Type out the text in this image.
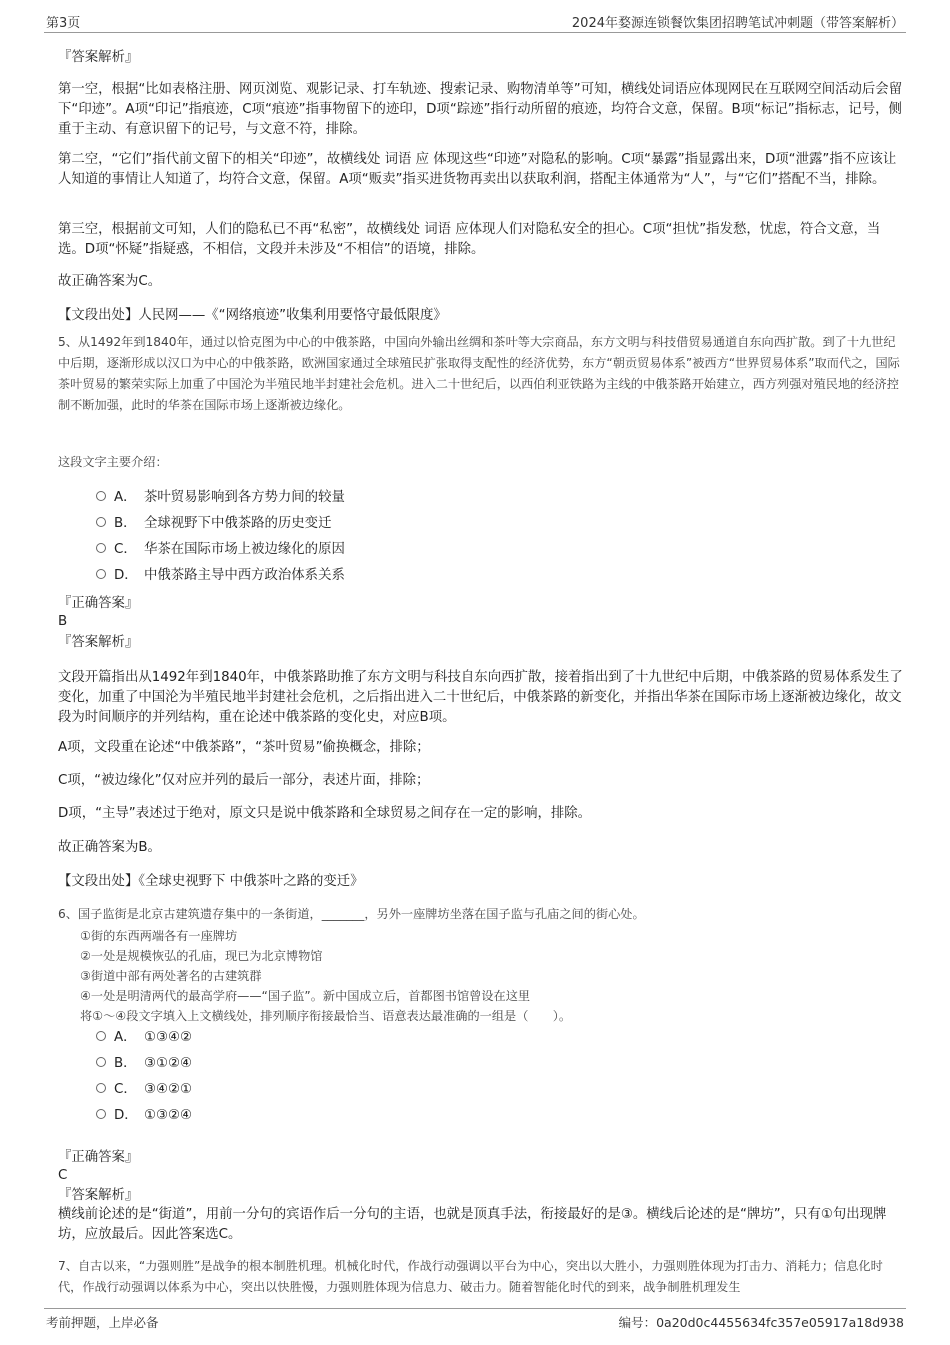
第3页	2024年婺源连锁餐饮集团招聘笔试冲刺题（带答案解析）
『答案解析』
第一空，根据“比如表格注册、网页浏览、观影记录、打车轨迹、搜索记录、购物清单等”可知，横线处词语应体现网民在互联网空间活动后会留下“印迹”。A项“印记”指痕迹，C项“痕迹”指事物留下的迹印，D项“踪迹”指行动所留的痕迹，均符合文意，保留。B项“标记”指标志，记号，侧重于主动、有意识留下的记号，与文意不符，排除。
第二空，“它们”指代前文留下的相关“印迹”，故横线处 词语 应 体现这些“印迹”对隐私的影响。C项“暴露”指显露出来，D项“泄露”指不应该让人知道的事情让人知道了，均符合文意，保留。A项“贩卖”指买进货物再卖出以获取利润，搭配主体通常为“人”，与“它们”搭配不当，排除。
第三空，根据前文可知，人们的隐私已不再“私密”，故横线处 词语 应体现人们对隐私安全的担心。C项“担忧”指发愁，忧虑，符合文意，当选。D项“怀疑”指疑惑，不相信，文段并未涉及“不相信”的语境，排除。
故正确答案为C。
【文段出处】人民网——《“网络痕迹”收集利用要恪守最低限度》
5、从1492年到1840年，通过以恰克图为中心的中俄茶路，中国向外输出丝绸和茶叶等大宗商品，东方文明与科技借贸易通道自东向西扩散。到了十九世纪中后期，逐渐形成以汉口为中心的中俄茶路，欧洲国家通过全球殖民扩张取得支配性的经济优势，东方“朝贡贸易体系”被西方“世界贸易体系”取而代之，国际茶叶贸易的繁荣实际上加重了中国沦为半殖民地半封建社会危机。进入二十世纪后，以西伯利亚铁路为主线的中俄茶路开始建立，西方列强对殖民地的经济控制不断加强，此时的华茶在国际市场上逐渐被边缘化。
这段文字主要介绍：
A． 茶叶贸易影响到各方势力间的较量
B． 全球视野下中俄茶路的历史变迁
C． 华茶在国际市场上被边缘化的原因
D． 中俄茶路主导中西方政治体系关系
『正确答案』
B
『答案解析』
文段开篇指出从1492年到1840年，中俄茶路助推了东方文明与科技自东向西扩散，接着指出到了十九世纪中后期，中俄茶路的贸易体系发生了变化，加重了中国沦为半殖民地半封建社会危机，之后指出进入二十世纪后，中俄茶路的新变化，并指出华茶在国际市场上逐渐被边缘化，故文段为时间顺序的并列结构，重在论述中俄茶路的变化史，对应B项。
A项，文段重在论述“中俄茶路”，“茶叶贸易”偷换概念，排除；
C项，“被边缘化”仅对应并列的最后一部分，表述片面，排除；
D项，“主导”表述过于绝对，原文只是说中俄茶路和全球贸易之间存在一定的影响，排除。
故正确答案为B。
【文段出处】《全球史视野下 中俄茶叶之路的变迁》
6、国子监街是北京古建筑遗存集中的一条街道，_______，另外一座牌坊坐落在国子监与孔庙之间的街心处。
①街的东西两端各有一座牌坊
②一处是规模恢弘的孔庙，现已为北京博物馆
③街道中部有两处著名的古建筑群
④一处是明清两代的最高学府——“国子监”。新中国成立后，首都图书馆曾设在这里
将①～④段文字填入上文横线处，排列顺序衔接最恰当、语意表达最准确的一组是（　　）。
A． ①③④②
B． ③①②④
C． ③④②①
D． ①③②④
『正确答案』
C
『答案解析』
横线前论述的是“街道”，用前一分句的宾语作后一分句的主语，也就是顶真手法，衔接最好的是③。横线后论述的是“牌坊”，只有①句出现牌坊，应放最后。因此答案选C。
7、自古以来，“力强则胜”是战争的根本制胜机理。机械化时代，作战行动强调以平台为中心，突出以大胜小，力强则胜体现为打击力、消耗力；信息化时代，作战行动强调以体系为中心，突出以快胜慢，力强则胜体现为信息力、破击力。随着智能化时代的到来，战争制胜机理发生
考前押题，上岸必备	编号：0a20d0c4455634fc357e05917a18d938
